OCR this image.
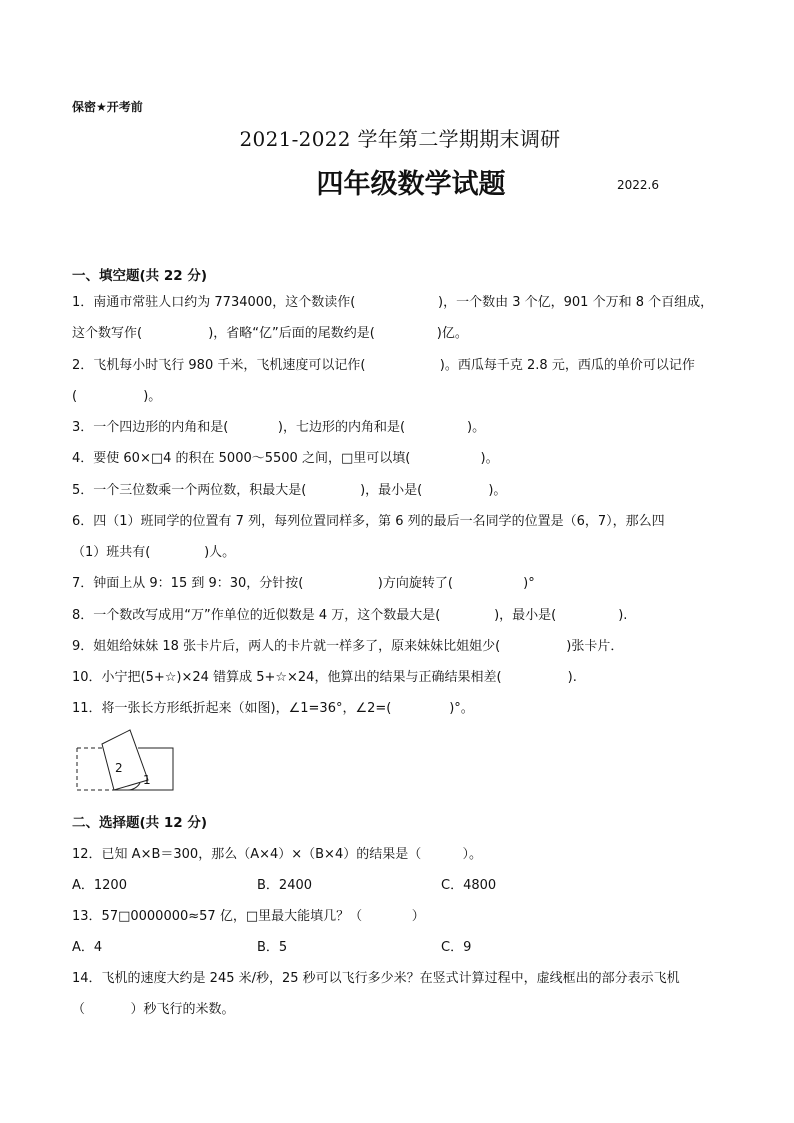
保密★开考前
2021-2022 学年第二学期期末调研
四年级数学试题	2022.6
一、填空题(共 22 分)
1．南通市常驻人口约为 7734000，这个数读作(                    )，一个数由 3 个亿，901 个万和 8 个百组成，
这个数写作(                )，省略“亿”后面的尾数约是(               )亿。
2．飞机每小时飞行 980 千米，飞机速度可以记作(                  )。西瓜每千克 2.8 元，西瓜的单价可以记作
(                )。
3．一个四边形的内角和是(            )，七边形的内角和是(               )。
4．要使 60×□4 的积在 5000～5500 之间，□里可以填(                 )。
5．一个三位数乘一个两位数，积最大是(             )，最小是(                )。
6．四（1）班同学的位置有 7 列，每列位置同样多，第 6 列的最后一名同学的位置是（6，7），那么四
（1）班共有(             )人。
7．钟面上从 9：15 到 9：30，分针按(                  )方向旋转了(                 )°
8．一个数改写成用“万”作单位的近似数是 4 万，这个数最大是(             )，最小是(               ).
9．姐姐给妹妹 18 张卡片后，两人的卡片就一样多了，原来妹妹比姐姐少(                )张卡片．
10．小宁把(5+☆)×24 错算成 5+☆×24，他算出的结果与正确结果相差(                ).
11．将一张长方形纸折起来（如图)，∠1=36°，∠2=(              )°。
2
1
二、选择题(共 12 分)
12．已知 A×B＝300，那么（A×4）×（B×4）的结果是（          ）。
A．1200	B．2400	C．4800
13．57□0000000≈57 亿，□里最大能填几？（            ）
A．4	B．5	C．9
14．飞机的速度大约是 245 米/秒，25 秒可以飞行多少米？在竖式计算过程中，虚线框出的部分表示飞机
（           ）秒飞行的米数。
